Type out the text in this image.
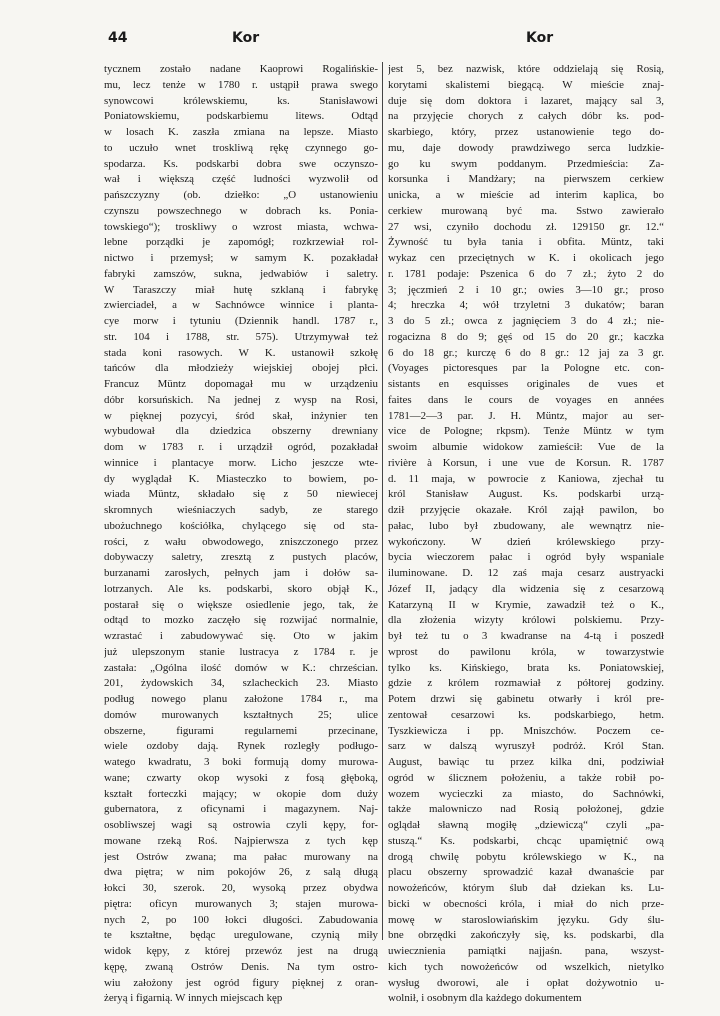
44	Kor	Kor
tycznem zostało nadane Kaoprowi Rogalińskie-
mu, lecz tenże w 1780 r. ustąpił prawa swego
synowcowi królewskiemu, ks. Stanisławowi
Poniatowskiemu, podskarbiemu litews. Odtąd
w losach K. zaszła zmiana na lepsze. Miasto
to uczuło wnet troskliwą rękę czynnego go-
spodarza. Ks. podskarbi dobra swe oczynszo-
wał i większą część ludności wyzwolił od
pańszczyzny (ob. dziełko: „O ustanowieniu
czynszu powszechnego w dobrach ks. Ponia-
towskiego“); troskliwy o wzrost miasta, wchwa-
lebne porządki je zapomógł; rozkrzewiał rol-
nictwo i przemysł; w samym K. pozakładał
fabryki zamszów, sukna, jedwabiów i saletry.
W Taraszczy miał hutę szklaną i fabrykę
zwierciadeł, a w Sachnówce winnice i planta-
cye morw i tytuniu (Dziennik handl. 1787 r.,
str. 104 i 1788, str. 575). Utrzymywał też
stada koni rasowych. W K. ustanowił szkołę
tańców dla młodzieży wiejskiej obojej płci.
Francuz Müntz dopomagał mu w urządzeniu
dóbr korsuńskich. Na jednej z wysp na Rosi,
w pięknej pozycyi, śród skał, inżynier ten
wybudował dla dziedzica obszerny drewniany
dom w 1783 r. i urządził ogród, pozakładał
winnice i plantacye morw. Licho jeszcze wte-
dy wyglądał K. Miasteczko to bowiem, po-
wiada Müntz, składało się z 50 niewiecej
skromnych wieśniaczych sadyb, ze starego
ubożuchnego kościółka, chylącego się od sta-
rości, z wału obwodowego, zniszczonego przez
dobywaczy saletry, zresztą z pustych placów,
burzanami zarosłych, pełnych jam i dołów sa-
lotrzanych. Ale ks. podskarbi, skoro objął K.,
postarał się o większe osiedlenie jego, tak, że
odtąd to mozko zaczęło się rozwijać normalnie,
wzrastać i zabudowywać się. Oto w jakim
już ulepszonym stanie lustracya z 1784 r. je
zastała: „Ogólna ilość domów w K.: chrześcian.
201, żydowskich 34, szlacheckich 23. Miasto
podług nowego planu założone 1784 r., ma
domów murowanych kształtnych 25; ulice
obszerne, figurami regularnemi przecinane,
wiele ozdoby dają. Rynek rozległy podługo-
watego kwadratu, 3 boki formują domy murowa-
wane; czwarty okop wysoki z fosą głęboką,
kształt forteczki mający; w okopie dom duży
gubernatora, z oficynami i magazynem. Naj-
osobliwszej wagi są ostrowia czyli kępy, for-
mowane rzeką Roś. Najpierwsza z tych kęp
jest Ostrów zwana; ma pałac murowany na
dwa piętra; w nim pokojów 26, z salą długą
łokci 30, szerok. 20, wysoką przez obydwa
piętra: oficyn murowanych 3; stajen murowa-
nych 2, po 100 łokci długości. Zabudowania
te kształtne, będąc uregulowane, czynią miły
widok kępy, z której przewóz jest na drugą
kępę, zwaną Ostrów Denis. Na tym ostro-
wiu założony jest ogród figury pięknej z oran-
żeryą i figarnią. W innych miejscach kęp
jest 5, bez nazwisk, które oddzielają się Rosią,
korytami skalistemi biegącą. W mieście znaj-
duje się dom doktora i lazaret, mający sal 3,
na przyjęcie chorych z całych dóbr ks. pod-
skarbiego, który, przez ustanowienie tego do-
mu, daje dowody prawdziwego serca ludzkie-
go ku swym poddanym. Przedmieścia: Za-
korsunka i Mandżary; na pierwszem cerkiew
unicka, a w mieście ad interim kaplica, bo
cerkiew murowaną być ma. Sstwo zawierało
27 wsi, czyniło dochodu zł. 129150 gr. 12.“
Żywność tu była tania i obfita. Müntz, taki
wykaz cen przeciętnych w K. i okolicach jego
r. 1781 podaje: Pszenica 6 do 7 zł.; żyto 2 do
3; jęczmień 2 i 10 gr.; owies 3—10 gr.; proso
4; hreczka 4; wół trzyletni 3 dukatów; baran
3 do 5 zł.; owca z jagnięciem 3 do 4 zł.; nie-
rogacizna 8 do 9; gęś od 15 do 20 gr.; kaczka
6 do 18 gr.; kurczę 6 do 8 gr.: 12 jaj za 3 gr.
(Voyages pictoresques par la Pologne etc. con-
sistants en esquisses originales de vues et
faites dans le cours de voyages en années
1781—2—3 par. J. H. Müntz, major au ser-
vice de Pologne; rkpsm). Tenże Müntz w tym
swoim albumie widokow zamieścił: Vue de la
rivière à Korsun, i une vue de Korsun. R. 1787
d. 11 maja, w powrocie z Kaniowa, zjechał tu
król Stanisław August. Ks. podskarbi urzą-
dził przyjęcie okazałe. Król zajął pawilon, bo
pałac, lubo był zbudowany, ale wewnątrz nie-
wykończony. W dzień królewskiego przy-
bycia wieczorem pałac i ogród były wspaniale
iluminowane. D. 12 zaś maja cesarz austryacki
Józef II, jadący dla widzenia się z cesarzową
Katarzyną II w Krymie, zawadził też o K.,
dla złożenia wizyty królowi polskiemu. Przy-
był też tu o 3 kwadranse na 4-tą i poszedł
wprost do pawilonu króla, w towarzystwie
tylko ks. Kińskiego, brata ks. Poniatowskiej,
gdzie z królem rozmawiał z półtorej godziny.
Potem drzwi się gabinetu otwarły i król pre-
zentował cesarzowi ks. podskarbiego, hetm.
Tyszkiewicza i pp. Mniszchów. Poczem ce-
sarz w dalszą wyruszył podróż. Król Stan.
August, bawiąc tu przez kilka dni, podziwiał
ogród w ślicznem położeniu, a także robił po-
wozem wycieczki za miasto, do Sachnówki,
także malowniczo nad Rosią położonej, gdzie
oglądał sławną mogiłę „dziewiczą“ czyli „pa-
stuszą.“ Ks. podskarbi, chcąc upamiętnić ową
drogą chwilę pobytu królewskiego w K., na
placu obszerny sprowadzić kazał dwanaście par
nowożeńców, którym ślub dał dziekan ks. Lu-
bicki w obecności króla, i miał do nich prze-
mowę w staroslowiańskim języku. Gdy ślu-
bne obrzędki zakończyły się, ks. podskarbi, dla
uwiecznienia pamiątki najjaśn. pana, wszyst-
kich tych nowożeńców od wszelkich, nietylko
wysług dworowi, ale i opłat dożywotnio u-
wolnił, i osobnym dla każdego dokumentem
